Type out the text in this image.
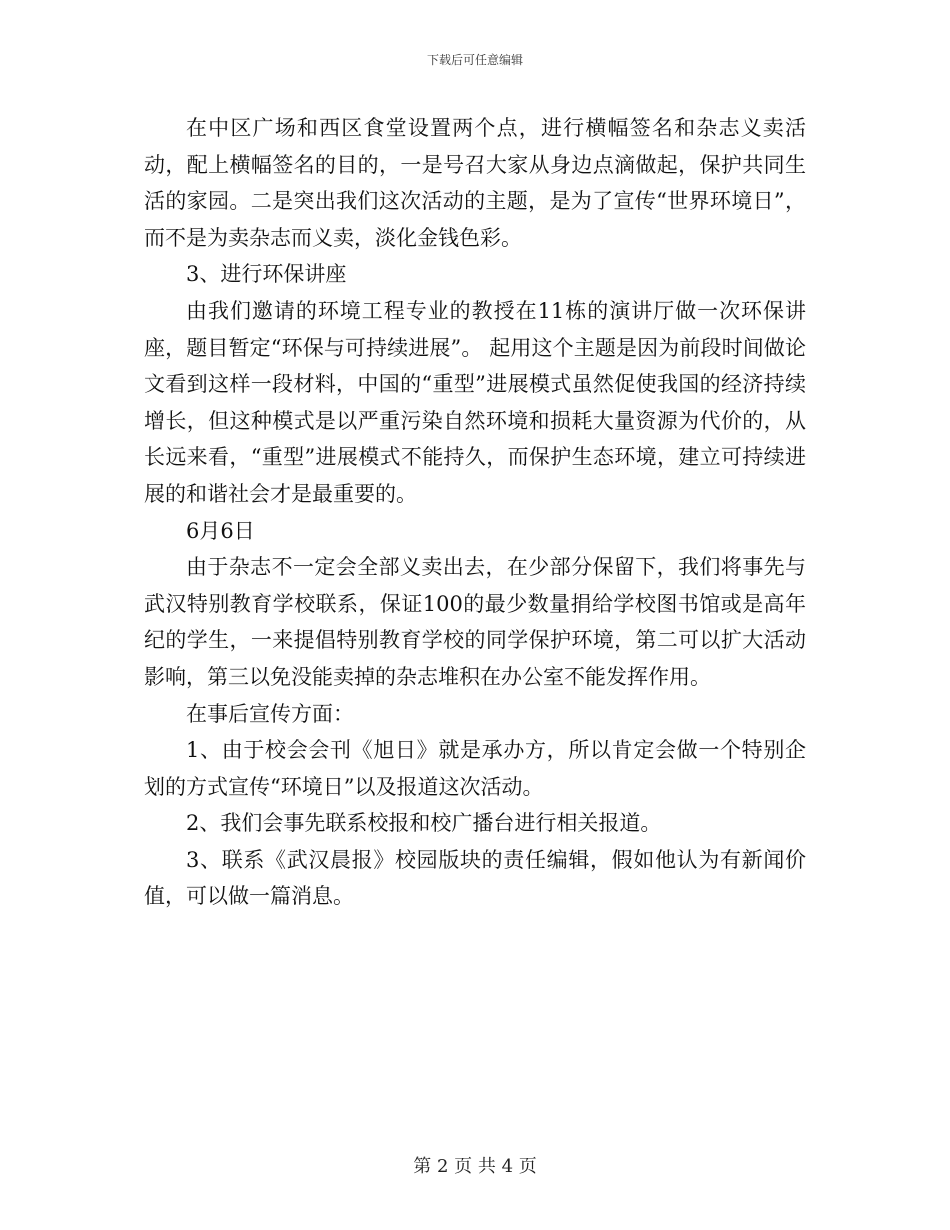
下载后可任意编辑

在中区广场和西区食堂设置两个点，进行横幅签名和杂志义卖活动，配上横幅签名的目的，一是号召大家从身边点滴做起，保护共同生活的家园。二是突出我们这次活动的主题，是为了宣传“世界环境日”，而不是为卖杂志而义卖，淡化金钱色彩。

3、进行环保讲座

由我们邀请的环境工程专业的教授在11栋的演讲厅做一次环保讲座，题目暂定“环保与可持续进展”。 起用这个主题是因为前段时间做论文看到这样一段材料，中国的“重型”进展模式虽然促使我国的经济持续增长，但这种模式是以严重污染自然环境和损耗大量资源为代价的，从长远来看，“重型”进展模式不能持久，而保护生态环境，建立可持续进展的和谐社会才是最重要的。

6月6日

由于杂志不一定会全部义卖出去，在少部分保留下，我们将事先与武汉特别教育学校联系，保证100的最少数量捐给学校图书馆或是高年纪的学生，一来提倡特别教育学校的同学保护环境，第二可以扩大活动影响，第三以免没能卖掉的杂志堆积在办公室不能发挥作用。

在事后宣传方面：

1、由于校会会刊《旭日》就是承办方，所以肯定会做一个特别企划的方式宣传“环境日”以及报道这次活动。

2、我们会事先联系校报和校广播台进行相关报道。

3、联系《武汉晨报》校园版块的责任编辑，假如他认为有新闻价值，可以做一篇消息。

第 2 页 共 4 页
